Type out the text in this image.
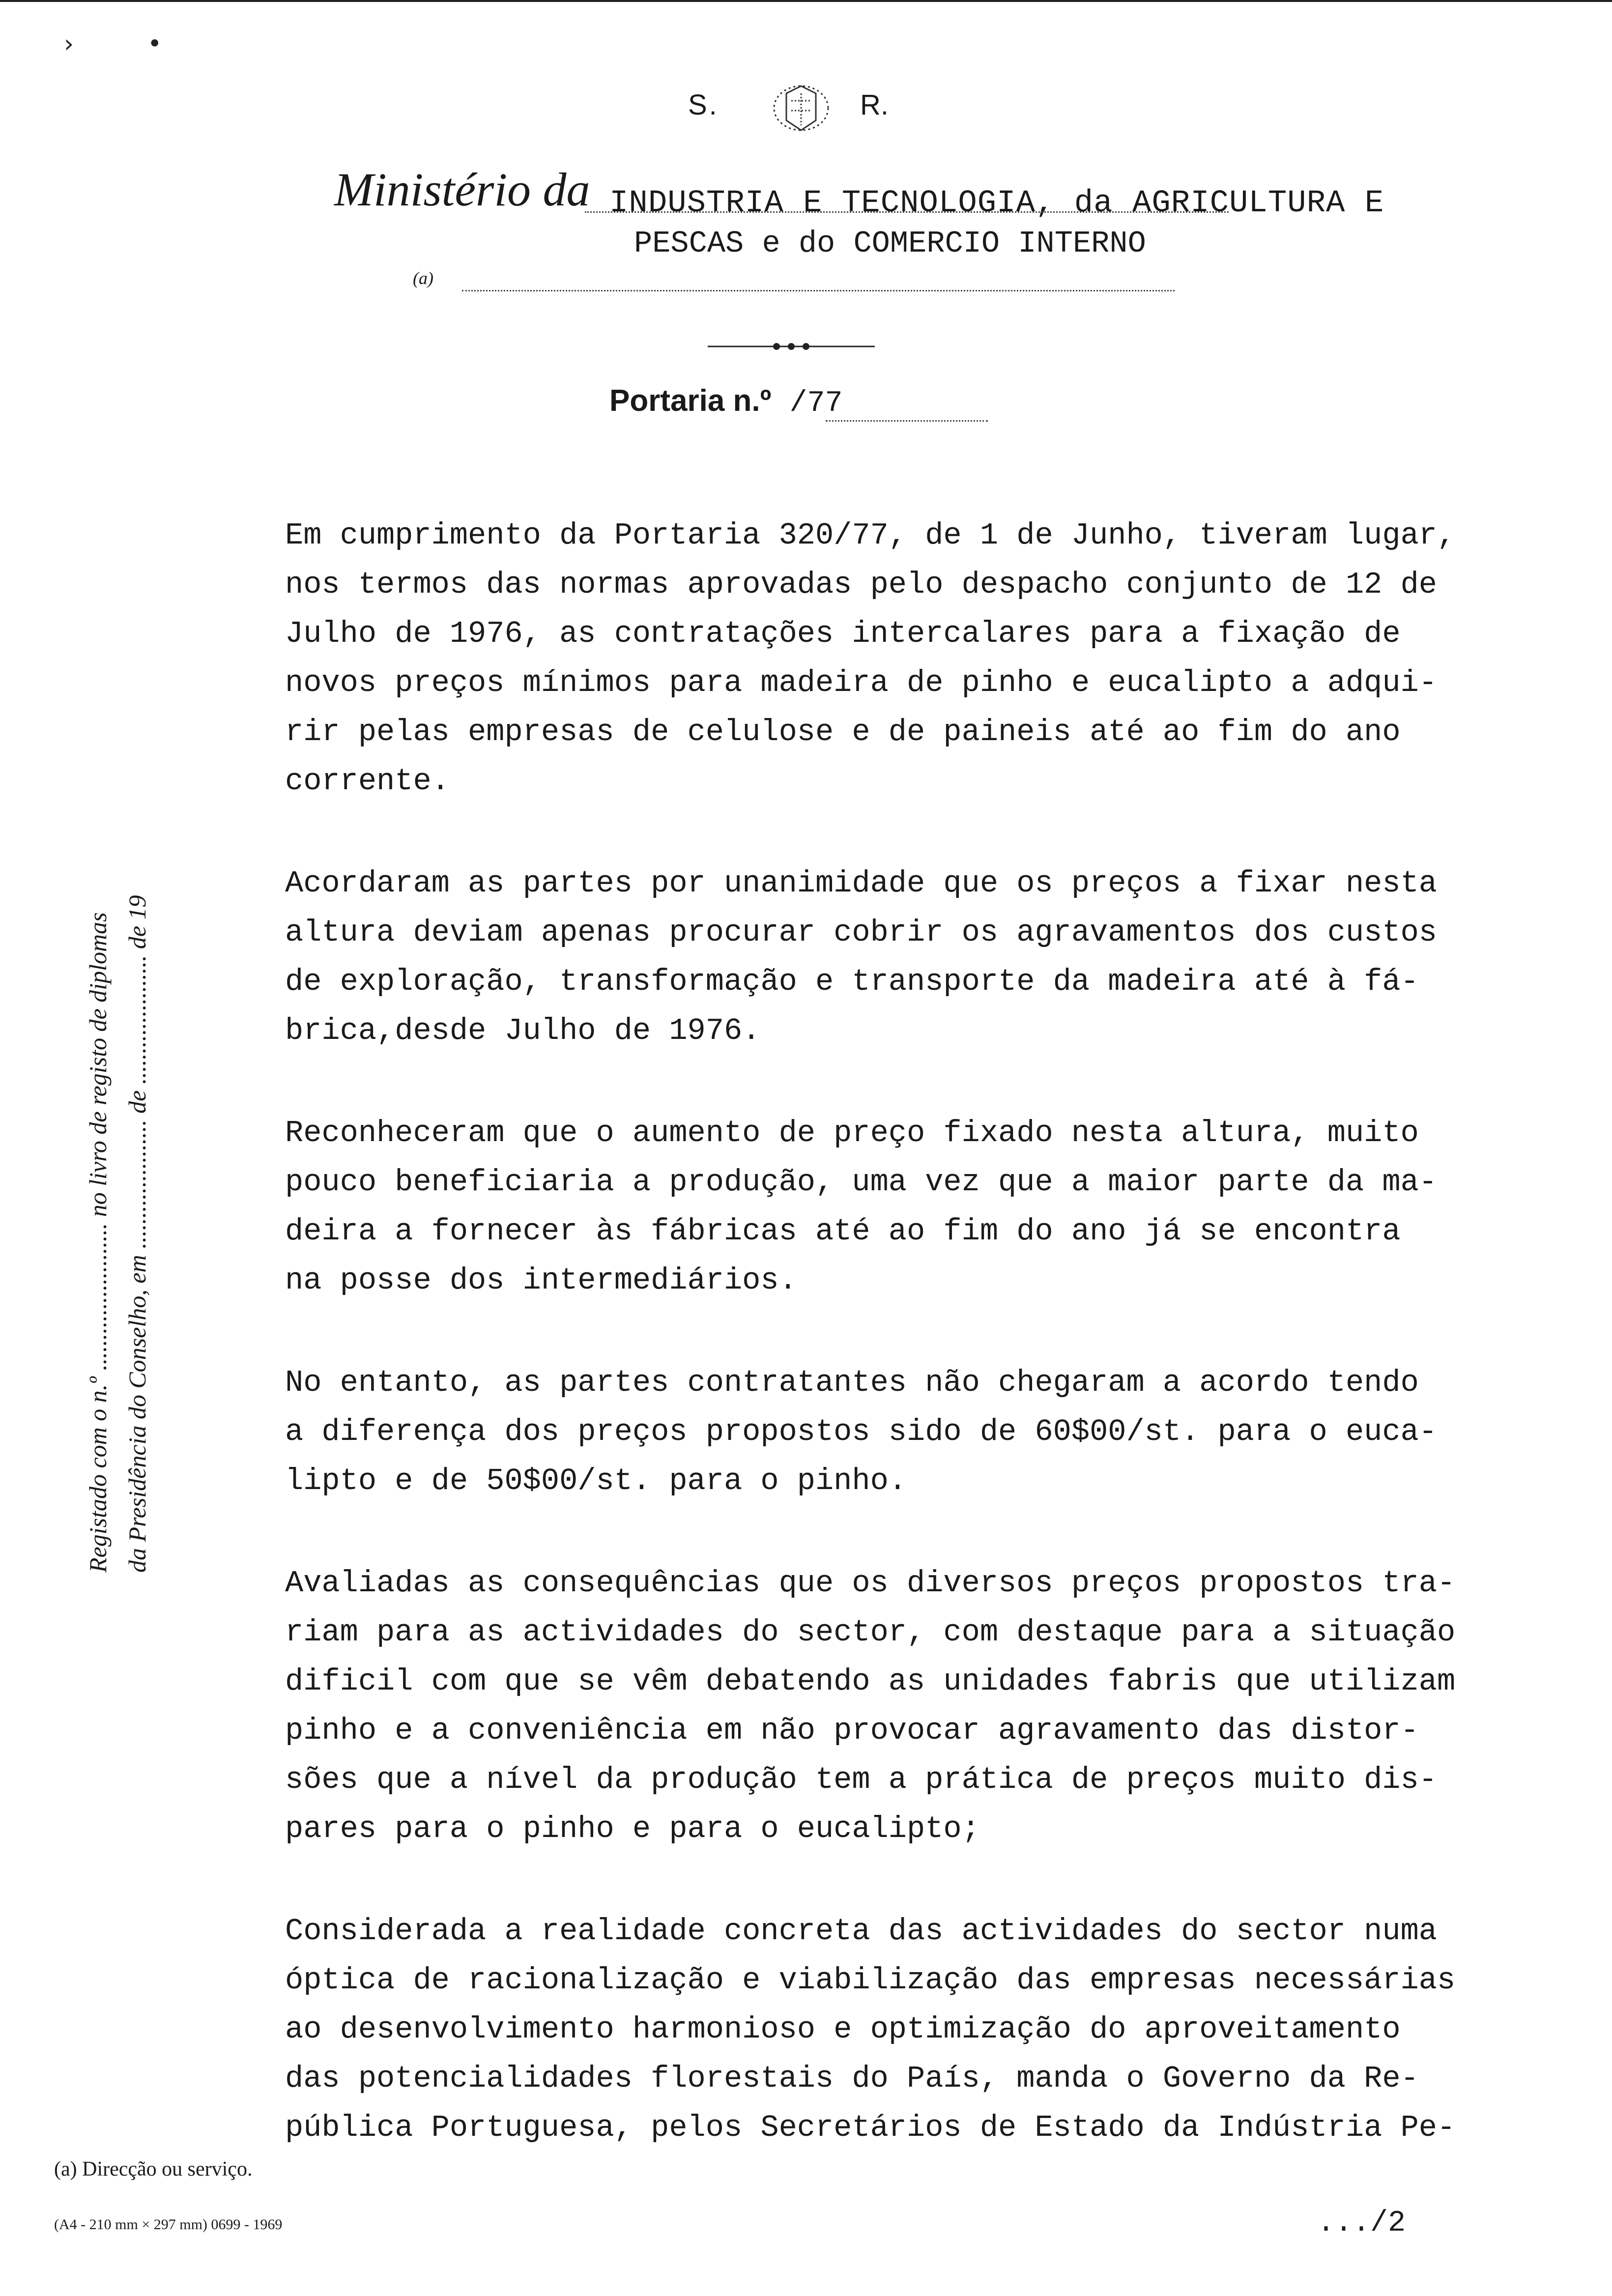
›	•
S.	R.
Ministério da INDUSTRIA E TECNOLOGIA, da AGRICULTURA E
PESCAS e do COMERCIO INTERNO
(a)
Portaria n.º /77

Em cumprimento da Portaria 320/77, de 1 de Junho, tiveram lugar,
nos termos das normas aprovadas pelo despacho conjunto de 12 de
Julho de 1976, as contratações intercalares para a fixação de
novos preços mínimos para madeira de pinho e eucalipto a adqui-
rir pelas empresas de celulose e de paineis até ao fim do ano
corrente.

Acordaram as partes por unanimidade que os preços a fixar nesta
altura deviam apenas procurar cobrir os agravamentos dos custos
de exploração, transformação e transporte da madeira até à fá-
brica,desde Julho de 1976.

Reconheceram que o aumento de preço fixado nesta altura, muito
pouco beneficiaria a produção, uma vez que a maior parte da ma-
deira a fornecer às fábricas até ao fim do ano já se encontra
na posse dos intermediários.

No entanto, as partes contratantes não chegaram a acordo tendo
a diferença dos preços propostos sido de 60$00/st. para o euca-
lipto e de 50$00/st. para o pinho.

Avaliadas as consequências que os diversos preços propostos tra-
riam para as actividades do sector, com destaque para a situação
dificil com que se vêm debatendo as unidades fabris que utilizam
pinho e a conveniência em não provocar agravamento das distor-
sões que a nível da produção tem a prática de preços muito dis-
pares para o pinho e para o eucalipto;

Considerada a realidade concreta das actividades do sector numa
óptica de racionalização e viabilização das empresas necessárias
ao desenvolvimento harmonioso e optimização do aproveitamento
das potencialidades florestais do País, manda o Governo da Re-
pública Portuguesa, pelos Secretários de Estado da Indústria Pe-

Registado com o n.º ........................ no livro de registo de diplomas da Presidência do Conselho, em ..................... de ..................... de 19
(a) Direcção ou serviço.
(A4 - 210 mm × 297 mm) 0699 - 1969	.../2
